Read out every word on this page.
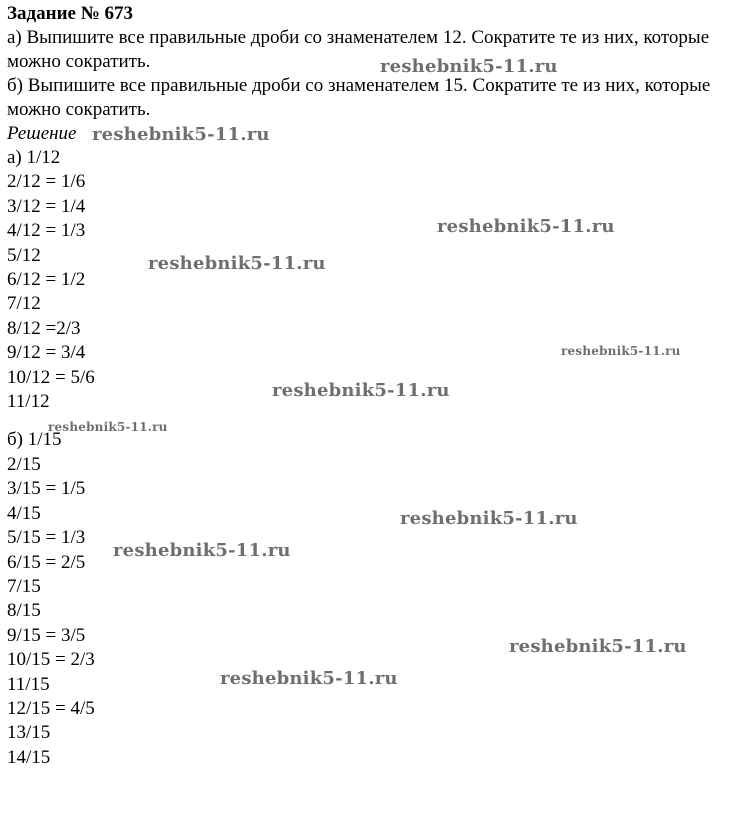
Задание № 673

а) Выпишите все правильные дроби со знаменателем 12. Сократите те из них, которые можно сократить.

б) Выпишите все правильные дроби со знаменателем 15. Сократите те из них, которые можно сократить.

Решение

а) 1/12

2/12 = 1/6

3/12 = 1/4

4/12 = 1/3

5/12

6/12 = 1/2

7/12

8/12 =2/3

9/12 = 3/4

10/12 = 5/6

11/12

б) 1/15

2/15

3/15 = 1/5

4/15

5/15 = 1/3

6/15 = 2/5

7/15

8/15

9/15 = 3/5

10/15 = 2/3

11/15

12/15 = 4/5

13/15

14/15

reshebnik5-11.ru
reshebnik5-11.ru
reshebnik5-11.ru
reshebnik5-11.ru
reshebnik5-11.ru
reshebnik5-11.ru
reshebnik5-11.ru
reshebnik5-11.ru
reshebnik5-11.ru
reshebnik5-11.ru
reshebnik5-11.ru
